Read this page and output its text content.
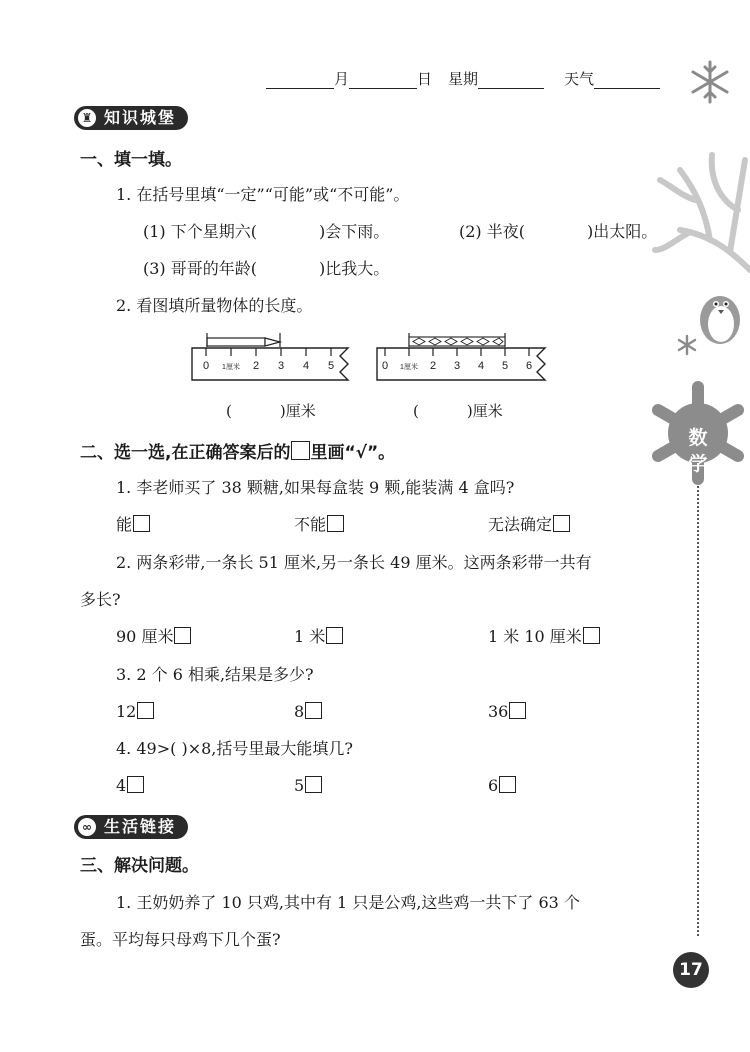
数
学
17
月	日 星期	天气
♜ 知识城堡
一、填一填。
1. 在括号里填“一定”“可能”或“不可能”。
(1) 下个星期六(	)会下雨。	(2) 半夜(	)出太阳。
(3) 哥哥的年龄(	)比我大。
2. 看图填所量物体的长度。
0 1厘米 2 3 4 5	0 1厘米 2 3 4 5 6
(	)厘米	(	)厘米
二、选一选,在正确答案后的 里画“√”。
1. 李老师买了 38 颗糖,如果每盒装 9 颗,能装满 4 盒吗?
能	不能	无法确定
2. 两条彩带,一条长 51 厘米,另一条长 49 厘米。这两条彩带一共有
多长?
90 厘米	1 米	1 米 10 厘米
3. 2 个 6 相乘,结果是多少?
12	8	36
4. 49>( )×8,括号里最大能填几?
4	5	6
∞ 生活链接
三、解决问题。
1. 王奶奶养了 10 只鸡,其中有 1 只是公鸡,这些鸡一共下了 63 个
蛋。平均每只母鸡下几个蛋?
